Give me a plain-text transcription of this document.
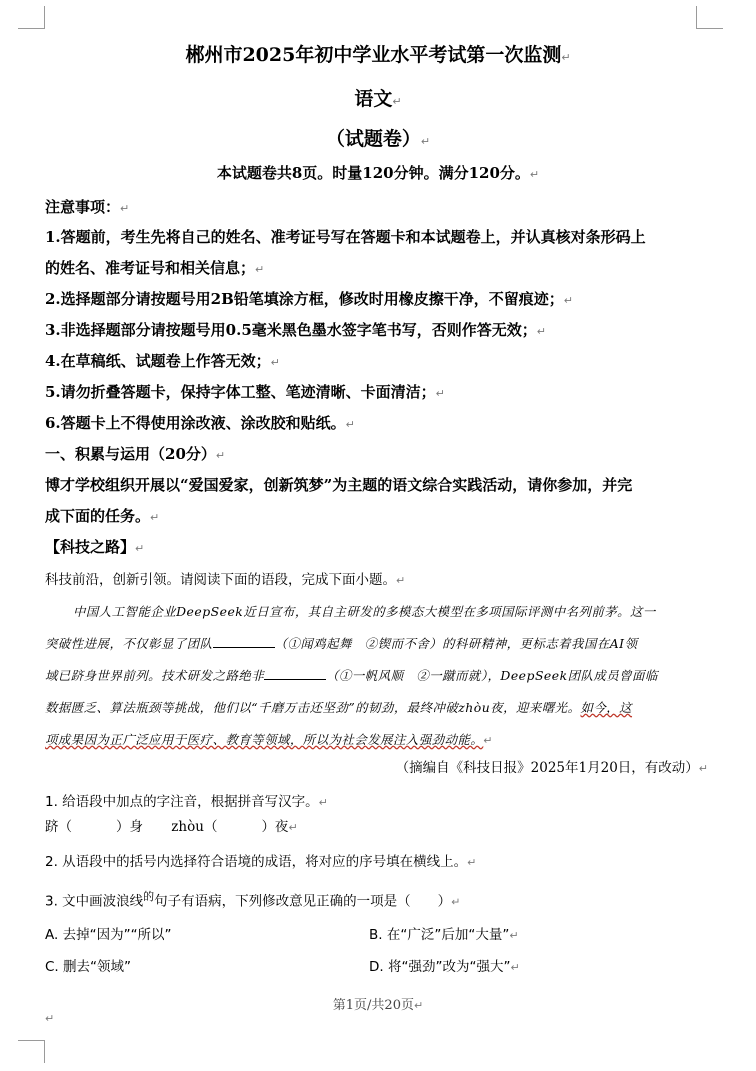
郴州市2025年初中学业水平考试第一次监测↵
语文↵
（试题卷）↵
本试题卷共8页。时量120分钟。满分120分。↵
注意事项：↵
1.答题前，考生先将自己的姓名、准考证号写在答题卡和本试题卷上，并认真核对条形码上
的姓名、准考证号和相关信息；↵
2.选择题部分请按题号用2B铅笔填涂方框，修改时用橡皮擦干净，不留痕迹；↵
3.非选择题部分请按题号用0.5毫米黑色墨水签字笔书写，否则作答无效；↵
4.在草稿纸、试题卷上作答无效；↵
5.请勿折叠答题卡，保持字体工整、笔迹清晰、卡面清洁；↵
6.答题卡上不得使用涂改液、涂改胶和贴纸。↵
一、积累与运用（20分）↵
博才学校组织开展以“爱国爱家，创新筑梦”为主题的语文综合实践活动，请你参加，并完
成下面的任务。↵
【科技之路】↵
科技前沿，创新引领。请阅读下面的语段，完成下面小题。↵
中国人工智能企业DeepSeek近日宣布，其自主研发的多模态大模型在多项国际评测中名列前茅。这一
突破性进展，不仅彰显了团队	（①闻鸡起舞　②锲而不舍）的科研精神，更标志着我国在AI领
域已跻身世界前列。技术研发之路绝非	（①一帆风顺　②一蹴而就），DeepSeek团队成员曾面临
数据匮乏、算法瓶颈等挑战，他们以“千磨万击还坚劲”的韧劲，最终冲破zhòu夜，迎来曙光。如今，这
项成果因为正广泛应用于医疗、教育等领域，所以为社会发展注入强劲动能。↵
（摘编自《科技日报》2025年1月20日，有改动）↵
1. 给语段中加点的字注音，根据拼音写汉字。↵
跻（	）身 zhòu（	）夜↵
2. 从语段中的括号内选择符合语境的成语，将对应的序号填在横线上。↵
3. 文中画波浪线$^的$句子有语病，下列修改意见正确的一项是（　　）↵
A. 去掉“因为”“所以”	B. 在“广泛”后加“大量”↵
C. 删去“领域”	D. 将“强劲”改为“强大”↵
第1页/共20页↵
↵
